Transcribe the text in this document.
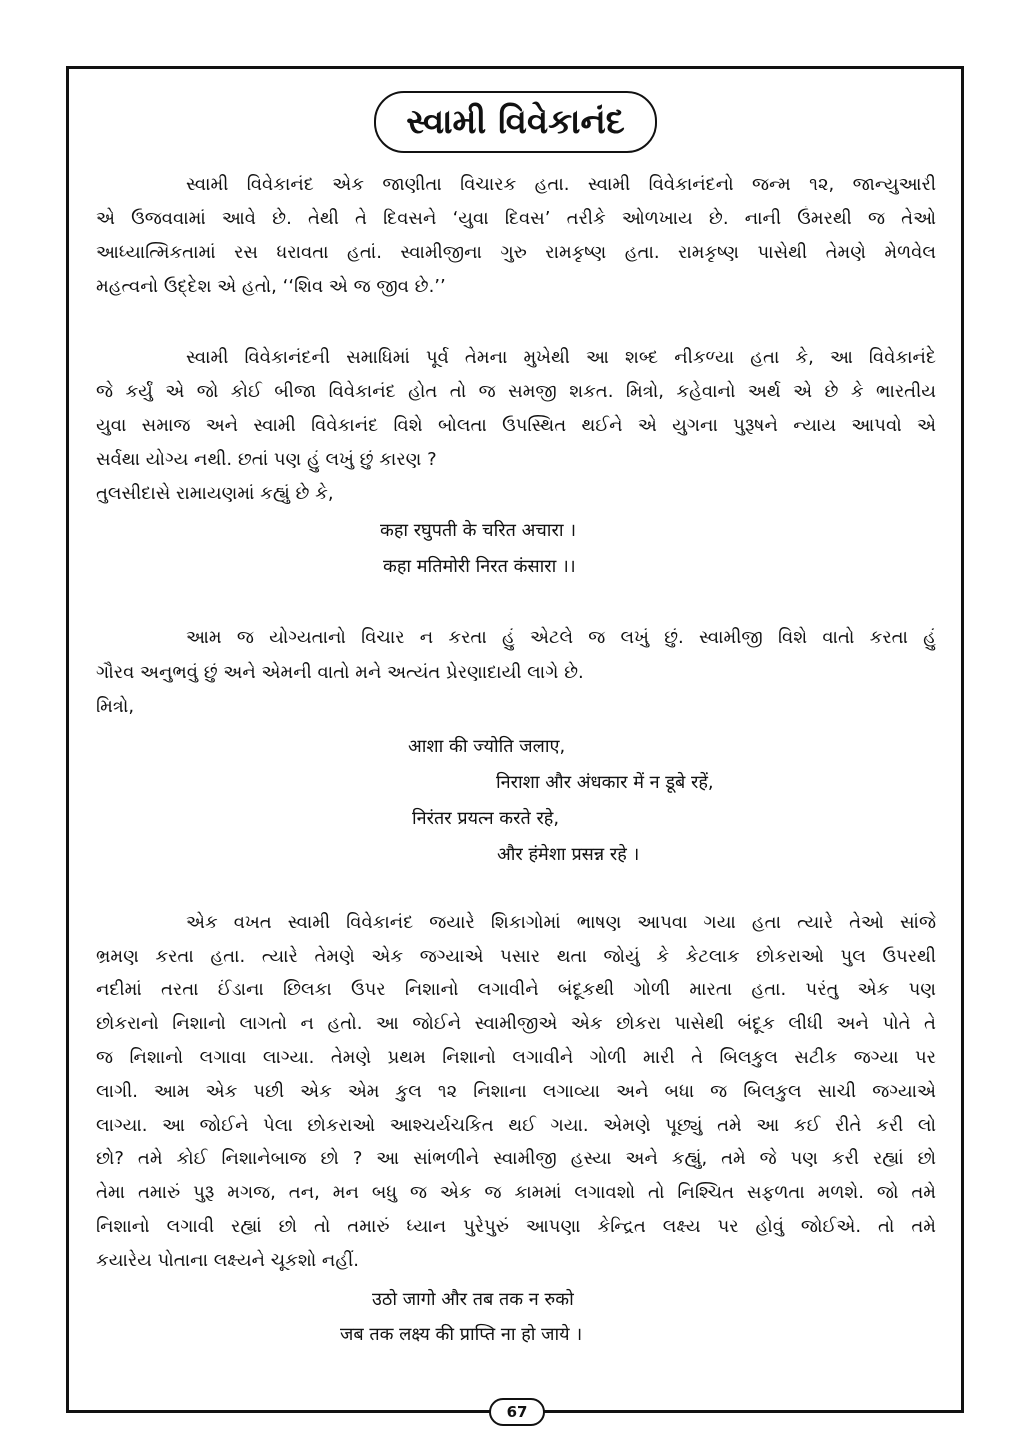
સ્વામી વિવેકાનંદ
સ્વામી વિવેકાનંદ એક જાણીતા વિચારક હતા. સ્વામી વિવેકાનંદનો જન્મ ૧૨, જાન્યુઆરી
એ ઉજવવામાં આવે છે. તેથી તે દિવસને ‘યુવા દિવસ’ તરીકે ઓળખાય છે. નાની ઉંમરથી જ તેઓ
આધ્યાત્મિકતામાં રસ ધરાવતા હતાં. સ્વામીજીના ગુરુ રામકૃષ્ણ હતા. રામકૃષ્ણ પાસેથી તેમણે મેળવેલ
મહત્વનો ઉદ્દેશ એ હતો, ‘‘શિવ એ જ જીવ છે.’’
સ્વામી વિવેકાનંદની સમાધિમાં પૂર્વ તેમના મુખેથી આ શબ્દ નીકળ્યા હતા કે, આ વિવેકાનંદે
જે કર્યું એ જો કોઈ બીજા વિવેકાનંદ હોત તો જ સમજી શકત. મિત્રો, કહેવાનો અર્થ એ છે કે ભારતીય
યુવા સમાજ અને સ્વામી વિવેકાનંદ વિશે બોલતા ઉપસ્થિત થઈને એ યુગના પુરૂષને ન્યાય આપવો એ
સર્વથા યોગ્ય નથી. છતાં પણ હું લખું છું કારણ ?
તુલસીદાસે રામાયણમાં કહ્યું છે કે,
कहा रघुपती के चरित अचारा ।
कहा मतिमोरी निरत कंसारा ।।
આમ જ યોગ્યતાનો વિચાર ન કરતા હું એટલે જ લખું છું. સ્વામીજી વિશે વાતો કરતા હું
ગૌરવ અનુભવું છું અને એમની વાતો મને અત્યંત પ્રેરણાદાયી લાગે છે.
મિત્રો,
आशा की ज्योति जलाए,
निराशा और अंधकार में न डूबे रहें,
निरंतर प्रयत्न करते रहे,
और हंमेशा प्रसन्न रहे ।
એક વખત સ્વામી વિવેકાનંદ જયારે શિકાગોમાં ભાષણ આપવા ગયા હતા ત્યારે તેઓ સાંજે
ભ્રમણ કરતા હતા. ત્યારે તેમણે એક જગ્યાએ પસાર થતા જોયું કે કેટલાક છોકરાઓ પુલ ઉપરથી
નદીમાં તરતા ઈંડાના છિલકા ઉપર નિશાનો લગાવીને બંદૂકથી ગોળી મારતા હતા. પરંતુ એક પણ
છોકરાનો નિશાનો લાગતો ન હતો. આ જોઈને સ્વામીજીએ એક છોકરા પાસેથી બંદૂક લીધી અને પોતે તે
જ નિશાનો લગાવા લાગ્યા. તેમણે પ્રથમ નિશાનો લગાવીને ગોળી મારી તે બિલકુલ સટીક જગ્યા પર
લાગી. આમ એક પછી એક એમ કુલ ૧૨ નિશાના લગાવ્યા અને બધા જ બિલકુલ સાચી જગ્યાએ
લાગ્યા. આ જોઈને પેલા છોકરાઓ આશ્ચર્યચકિત થઈ ગયા. એમણે પૂછ્યું તમે આ કઈ રીતે કરી લો
છો? તમે કોઈ નિશાનેબાજ છો ? આ સાંભળીને સ્વામીજી હસ્યા અને કહ્યું, તમે જે પણ કરી રહ્યાં છો
તેમા તમારું પુરૂ મગજ, તન, મન બધુ જ એક જ કામમાં લગાવશો તો નિશ્ચિત સફળતા મળશે. જો તમે
નિશાનો લગાવી રહ્યાં છો તો તમારું ધ્યાન પુરેપુરું આપણા કેન્દ્રિત લક્ષ્ય પર હોવું જોઈએ. તો તમે
કયારેય પોતાના લક્ષ્યને ચૂકશો નહીં.
उठो जागो और तब तक न रुको
जब तक लक्ष्य की प्राप्ति ना हो जाये ।
67
